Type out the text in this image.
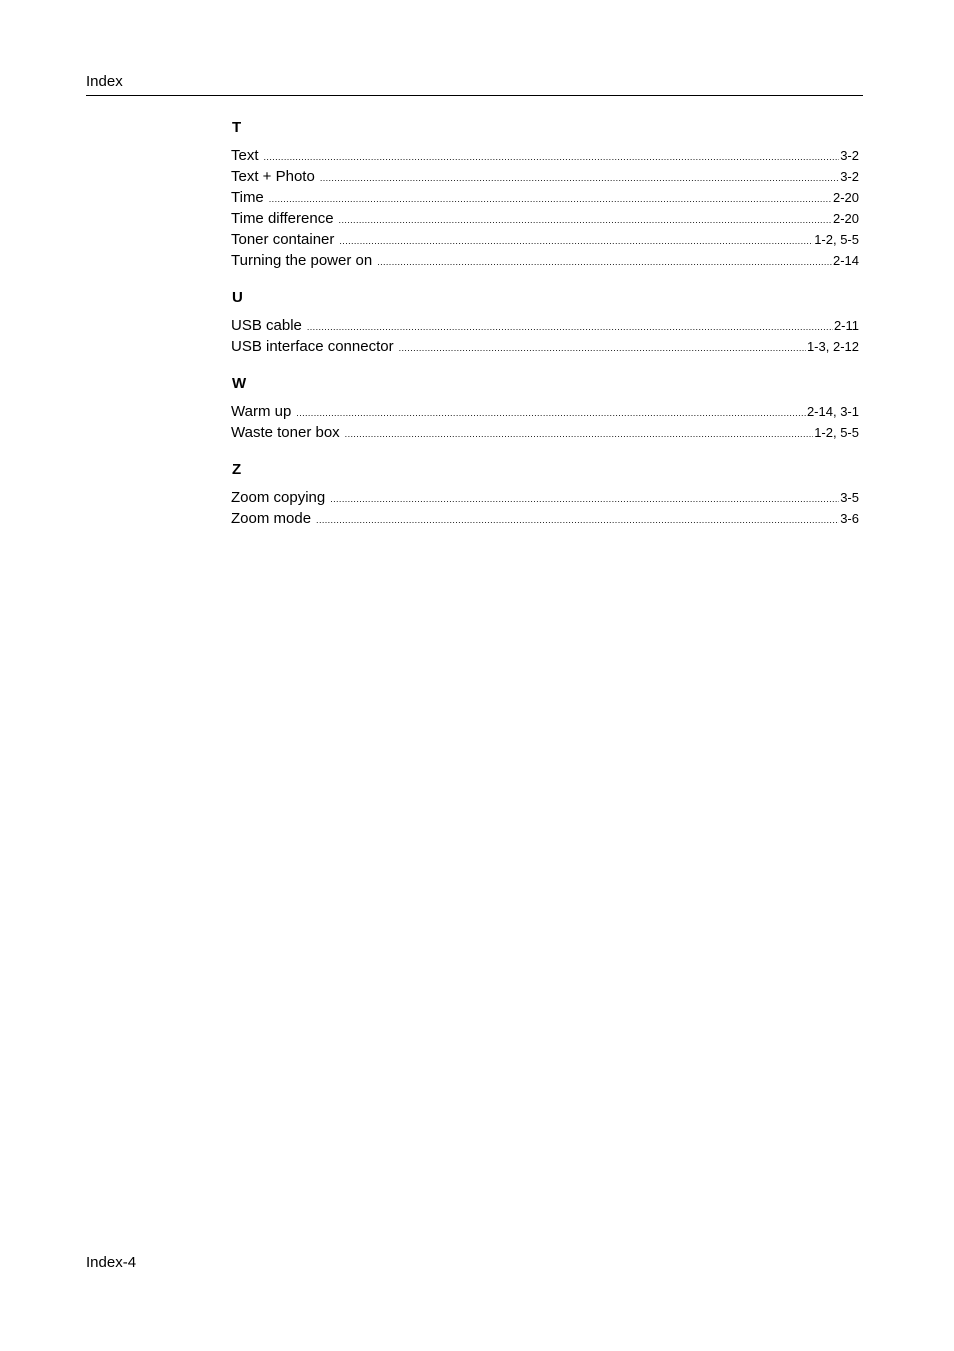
Index
T
Text .....	3-2
Text + Photo .....	3-2
Time .....	2-20
Time difference .....	2-20
Toner container .....	1-2, 5-5
Turning the power on .....	2-14
U
USB cable .....	2-11
USB interface connector .....	1-3, 2-12
W
Warm up .....	2-14, 3-1
Waste toner box .....	1-2, 5-5
Z
Zoom copying .....	3-5
Zoom mode .....	3-6
Index-4
